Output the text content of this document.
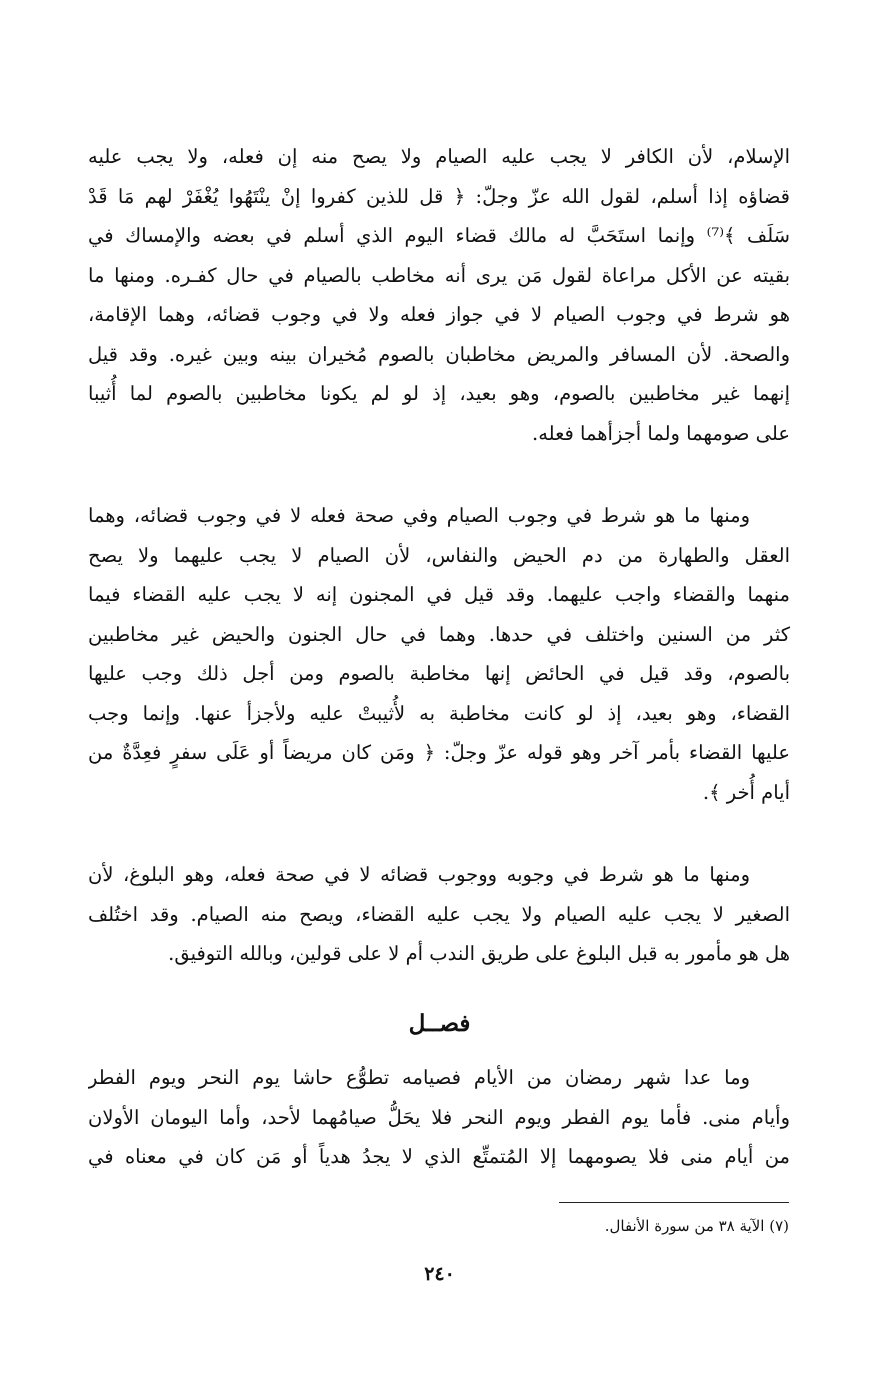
الإسلام، لأن الكافر لا يجب عليه الصيام ولا يصح منه إن فعله، ولا يجب عليه
قضاؤه إذا أسلم، لقول الله عزّ وجلّ: ﴿ قل للذين كفروا إنْ ينْتَهُوا يُغْفَرْ لهم مَا قَدْ
سَلَف ﴾⁽⁷⁾ وإنما استَحَبَّ له مالك قضاء اليوم الذي أسلم في بعضه والإمساك في
بقيته عن الأكل مراعاة لقول مَن يرى أنه مخاطب بالصيام في حال كفـره. ومنها ما
هو شرط في وجوب الصيام لا في جواز فعله ولا في وجوب قضائه، وهما الإقامة،
والصحة. لأن المسافر والمريض مخاطبان بالصوم مُخيران بينه وبين غيره. وقد قيل
إنهما غير مخاطبين بالصوم، وهو بعيد، إذ لو لم يكونا مخاطبين بالصوم لما أُثيبا
على صومهما ولما أجزأهما فعله.
ومنها ما هو شرط في وجوب الصيام وفي صحة فعله لا في وجوب قضائه، وهما
العقل والطهارة من دم الحيض والنفاس، لأن الصيام لا يجب عليهما ولا يصح
منهما والقضاء واجب عليهما. وقد قيل في المجنون إنه لا يجب عليه القضاء فيما
كثر من السنين واختلف في حدها. وهما في حال الجنون والحيض غير مخاطبين
بالصوم، وقد قيل في الحائض إنها مخاطبة بالصوم ومن أجل ذلك وجب عليها
القضاء، وهو بعيد، إذ لو كانت مخاطبة به لأُثيبتْ عليه ولأجزأ عنها. وإنما وجب
عليها القضاء بأمر آخر وهو قوله عزّ وجلّ: ﴿ ومَن كان مريضاً أو عَلَى سفرٍ فعِدَّةٌ من
أيام أُخر ﴾.
ومنها ما هو شرط في وجوبه ووجوب قضائه لا في صحة فعله، وهو البلوغ، لأن
الصغير لا يجب عليه الصيام ولا يجب عليه القضاء، ويصح منه الصيام. وقد اختُلف
هل هو مأمور به قبل البلوغ على طريق الندب أم لا على قولين، وبالله التوفيق.
فصــل
وما عدا شهر رمضان من الأيام فصيامه تطوُّع حاشا يوم النحر ويوم الفطر
وأيام منى. فأما يوم الفطر ويوم النحر فلا يحَلُّ صيامُهما لأحد، وأما اليومان الأولان
من أيام منى فلا يصومهما إلا المُتمتِّع الذي لا يجدُ هدياً أو مَن كان في معناه في
(٧) الآية ٣٨ من سورة الأنفال.
٢٤٠
